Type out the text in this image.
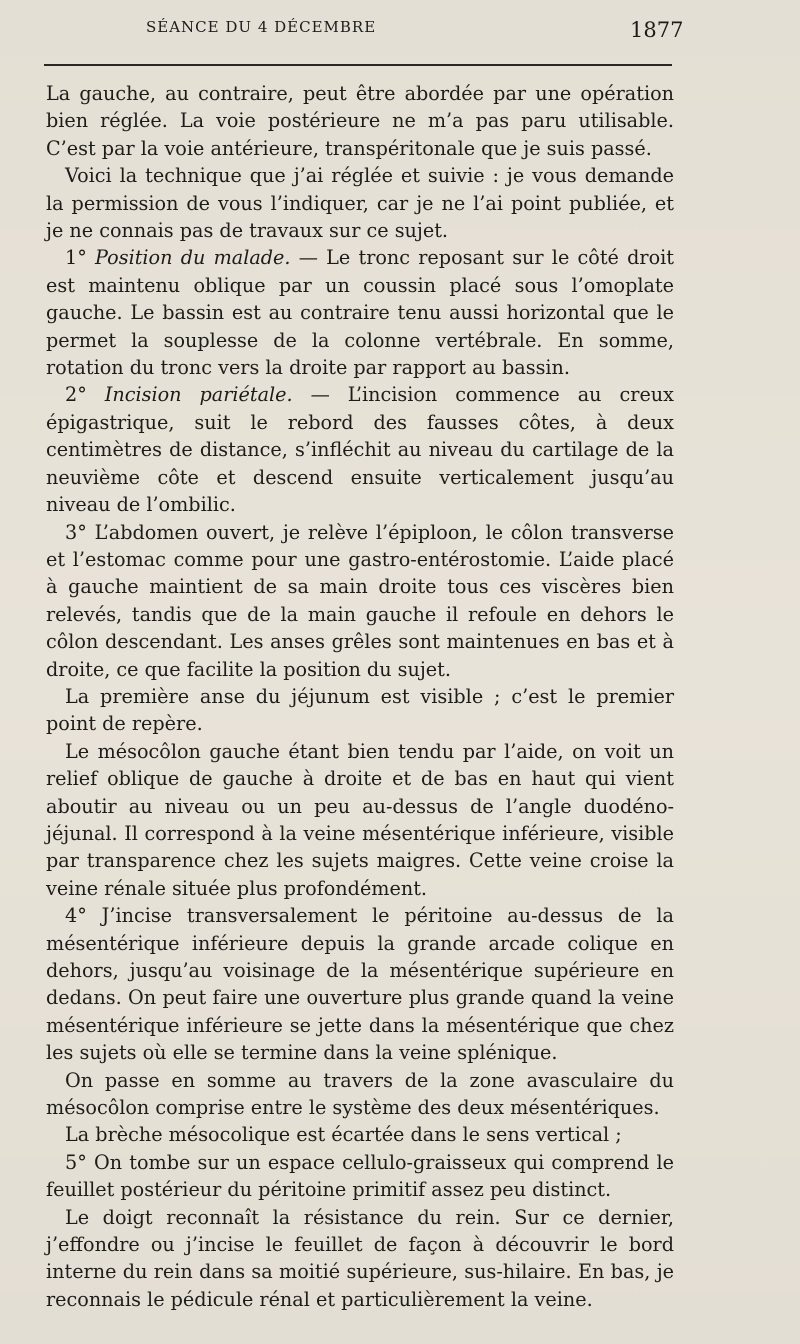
SÉANCE DU 4 DÉCEMBRE	1877

La gauche, au contraire, peut être abordée par une opération bien réglée. La voie postérieure ne m’a pas paru utilisable. C’est par la voie antérieure, transpéritonale que je suis passé.

Voici la technique que j’ai réglée et suivie : je vous demande la permission de vous l’indiquer, car je ne l’ai point publiée, et je ne connais pas de travaux sur ce sujet.

1° Position du malade. — Le tronc reposant sur le côté droit est maintenu oblique par un coussin placé sous l’omoplate gauche. Le bassin est au contraire tenu aussi horizontal que le permet la souplesse de la colonne vertébrale. En somme, rotation du tronc vers la droite par rapport au bassin.

2° Incision pariétale. — L’incision commence au creux épigastrique, suit le rebord des fausses côtes, à deux centimètres de distance, s’infléchit au niveau du cartilage de la neuvième côte et descend ensuite verticalement jusqu’au niveau de l’ombilic.

3° L’abdomen ouvert, je relève l’épiploon, le côlon transverse et l’estomac comme pour une gastro-entérostomie. L’aide placé à gauche maintient de sa main droite tous ces viscères bien relevés, tandis que de la main gauche il refoule en dehors le côlon descendant. Les anses grêles sont maintenues en bas et à droite, ce que facilite la position du sujet.

La première anse du jéjunum est visible ; c’est le premier point de repère.

Le mésocôlon gauche étant bien tendu par l’aide, on voit un relief oblique de gauche à droite et de bas en haut qui vient aboutir au niveau ou un peu au-dessus de l’angle duodéno-jéjunal. Il correspond à la veine mésentérique inférieure, visible par transparence chez les sujets maigres. Cette veine croise la veine rénale située plus profondément.

4° J’incise transversalement le péritoine au-dessus de la mésentérique inférieure depuis la grande arcade colique en dehors, jusqu’au voisinage de la mésentérique supérieure en dedans. On peut faire une ouverture plus grande quand la veine mésentérique inférieure se jette dans la mésentérique que chez les sujets où elle se termine dans la veine splénique.

On passe en somme au travers de la zone avasculaire du mésocôlon comprise entre le système des deux mésentériques.

La brèche mésocolique est écartée dans le sens vertical ;

5° On tombe sur un espace cellulo-graisseux qui comprend le feuillet postérieur du péritoine primitif assez peu distinct.

Le doigt reconnaît la résistance du rein. Sur ce dernier, j’effondre ou j’incise le feuillet de façon à découvrir le bord interne du rein dans sa moitié supérieure, sus-hilaire. En bas, je reconnais le pédicule rénal et particulièrement la veine.
